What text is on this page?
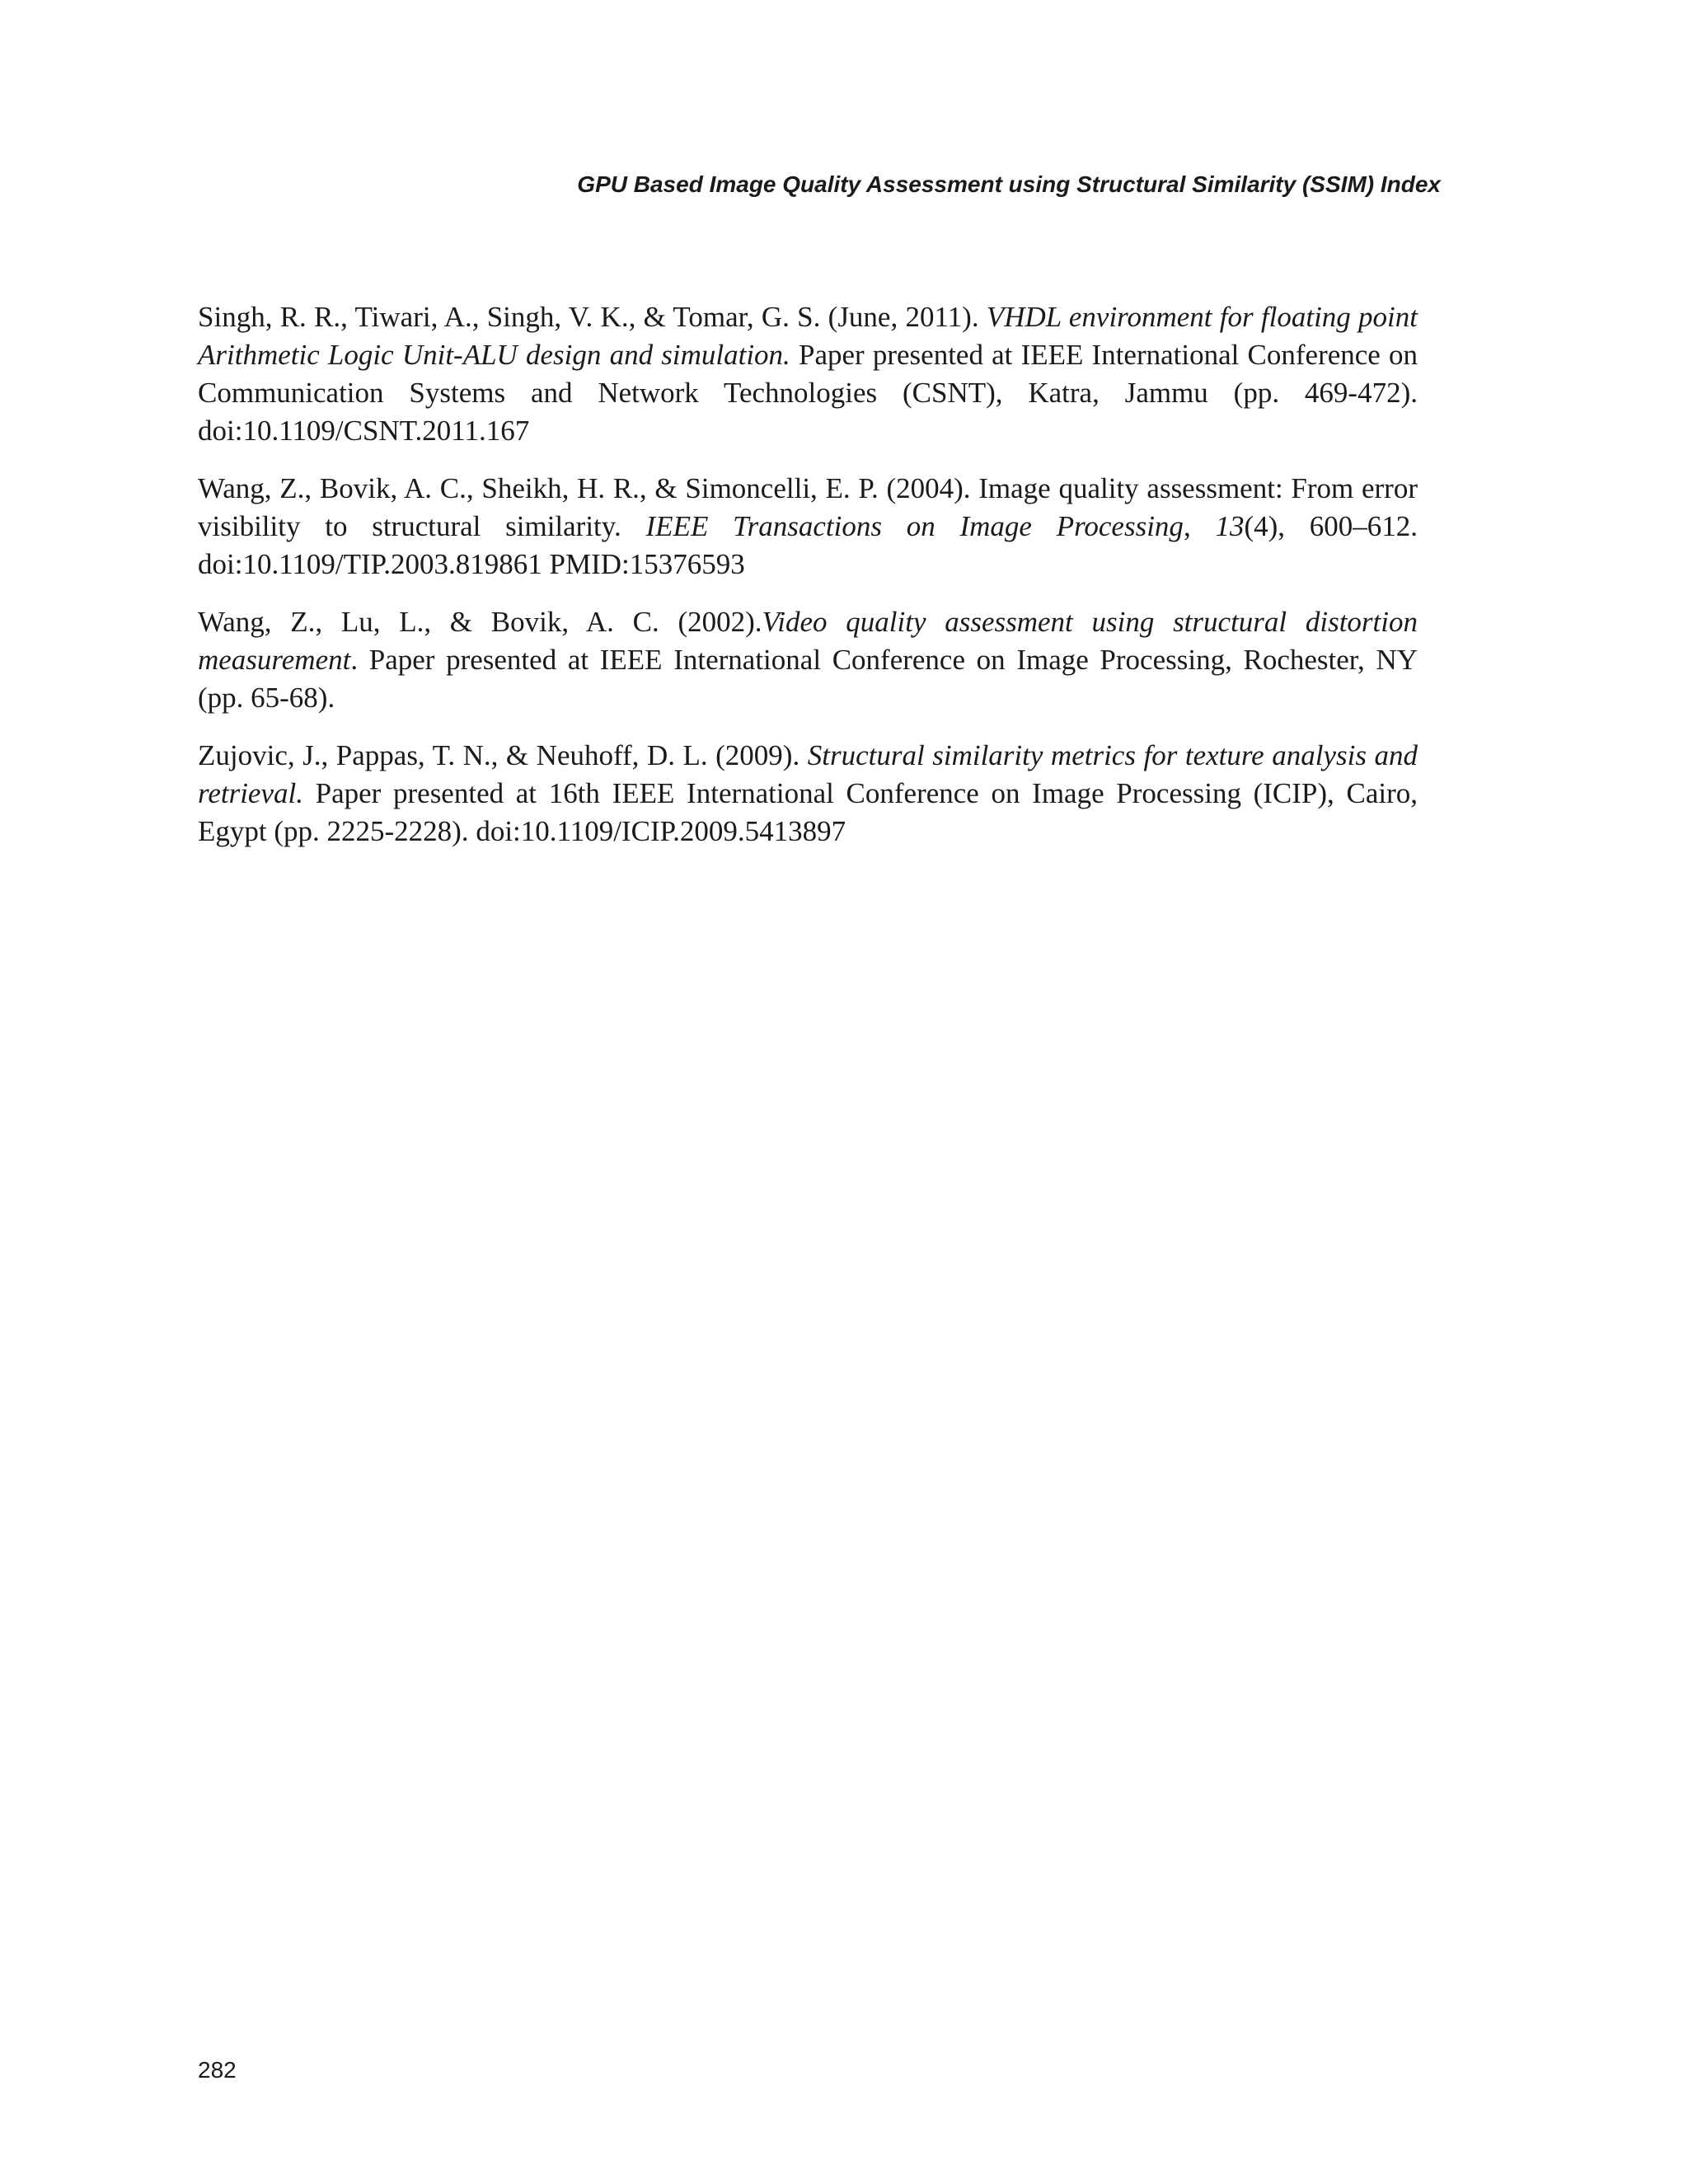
GPU Based Image Quality Assessment using Structural Similarity (SSIM) Index

Singh, R. R., Tiwari, A., Singh, V. K., & Tomar, G. S. (June, 2011). VHDL environment for floating point Arithmetic Logic Unit-ALU design and simulation. Paper presented at IEEE International Conference on Communication Systems and Network Technologies (CSNT), Katra, Jammu (pp. 469-472). doi:10.1109/CSNT.2011.167

Wang, Z., Bovik, A. C., Sheikh, H. R., & Simoncelli, E. P. (2004). Image quality assessment: From error visibility to structural similarity. IEEE Transactions on Image Processing, 13(4), 600–612. doi:10.1109/TIP.2003.819861 PMID:15376593

Wang, Z., Lu, L., & Bovik, A. C. (2002).Video quality assessment using structural distortion measurement. Paper presented at IEEE International Conference on Image Processing, Rochester, NY (pp. 65-68).

Zujovic, J., Pappas, T. N., & Neuhoff, D. L. (2009). Structural similarity metrics for texture analysis and retrieval. Paper presented at 16th IEEE International Conference on Image Processing (ICIP), Cairo, Egypt (pp. 2225-2228). doi:10.1109/ICIP.2009.5413897

282
